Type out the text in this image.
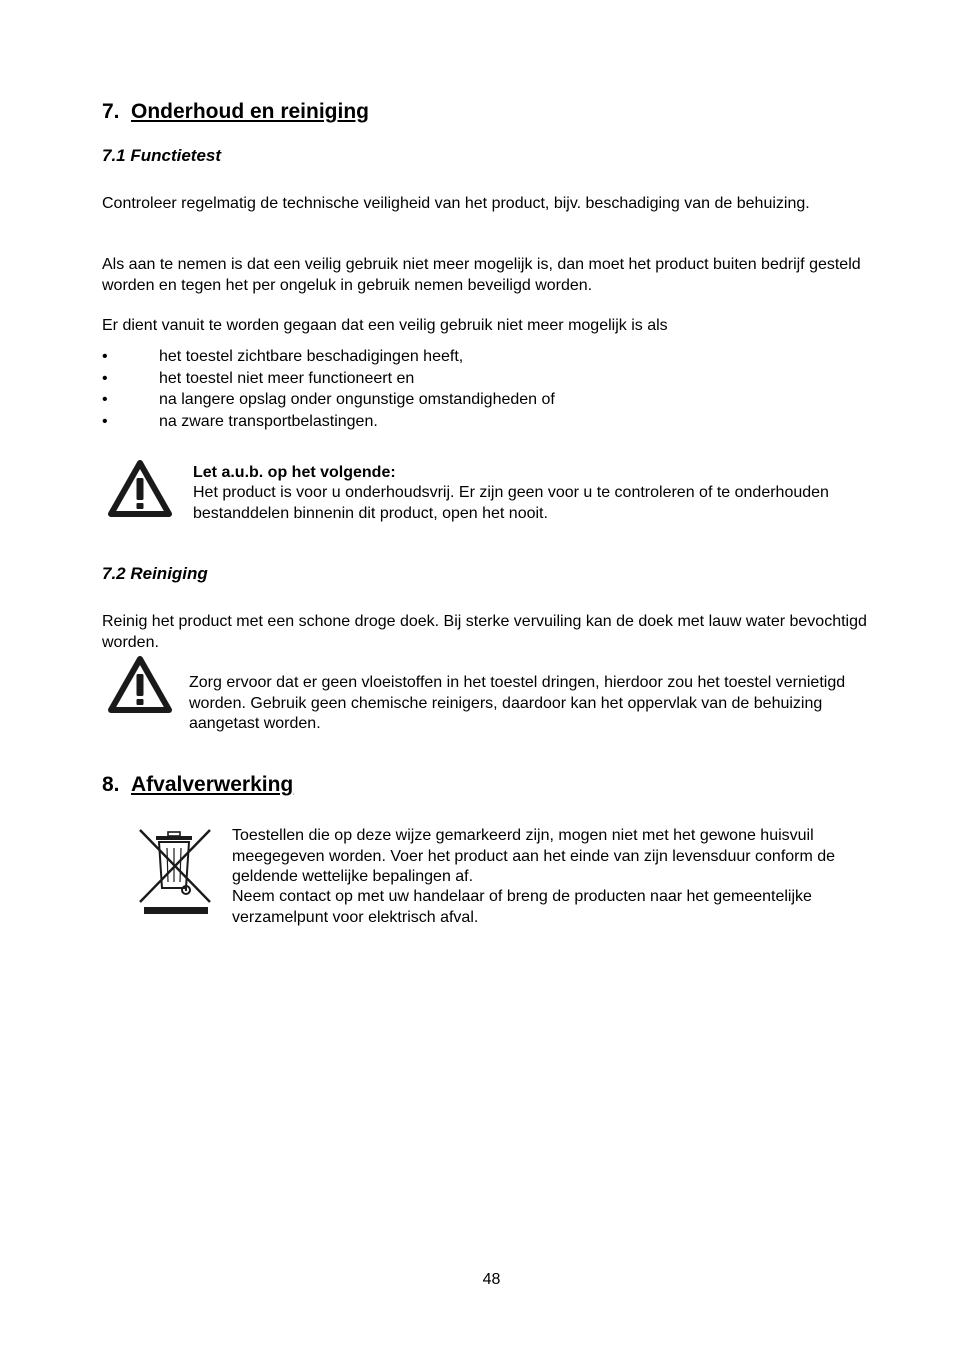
7. Onderhoud en reiniging
7.1 Functietest
Controleer regelmatig de technische veiligheid van het product, bijv. beschadiging van de behuizing.
Als aan te nemen is dat een veilig gebruik niet meer mogelijk is, dan moet het product buiten bedrijf gesteld worden en tegen het per ongeluk in gebruik nemen beveiligd worden.
Er dient vanuit te worden gegaan dat een veilig gebruik niet meer mogelijk is als
•	het toestel zichtbare beschadigingen heeft,
•	het toestel niet meer functioneert en
•	na langere opslag onder ongunstige omstandigheden of
•	na zware transportbelastingen.
Let a.u.b. op het volgende:
Het product is voor u onderhoudsvrij. Er zijn geen voor u te controleren of te onderhouden bestanddelen binnenin dit product, open het nooit.
7.2 Reiniging
Reinig het product met een schone droge doek. Bij sterke vervuiling kan de doek met lauw water bevochtigd worden.
Zorg ervoor dat er geen vloeistoffen in het toestel dringen, hierdoor zou het toestel vernietigd worden. Gebruik geen chemische reinigers, daardoor kan het oppervlak van de behuizing aangetast worden.
8. Afvalverwerking
Toestellen die op deze wijze gemarkeerd zijn, mogen niet met het gewone huisvuil meegegeven worden. Voer het product aan het einde van zijn levensduur conform de geldende wettelijke bepalingen af.
Neem contact op met uw handelaar of breng de producten naar het gemeentelijke verzamelpunt voor elektrisch afval.
48
